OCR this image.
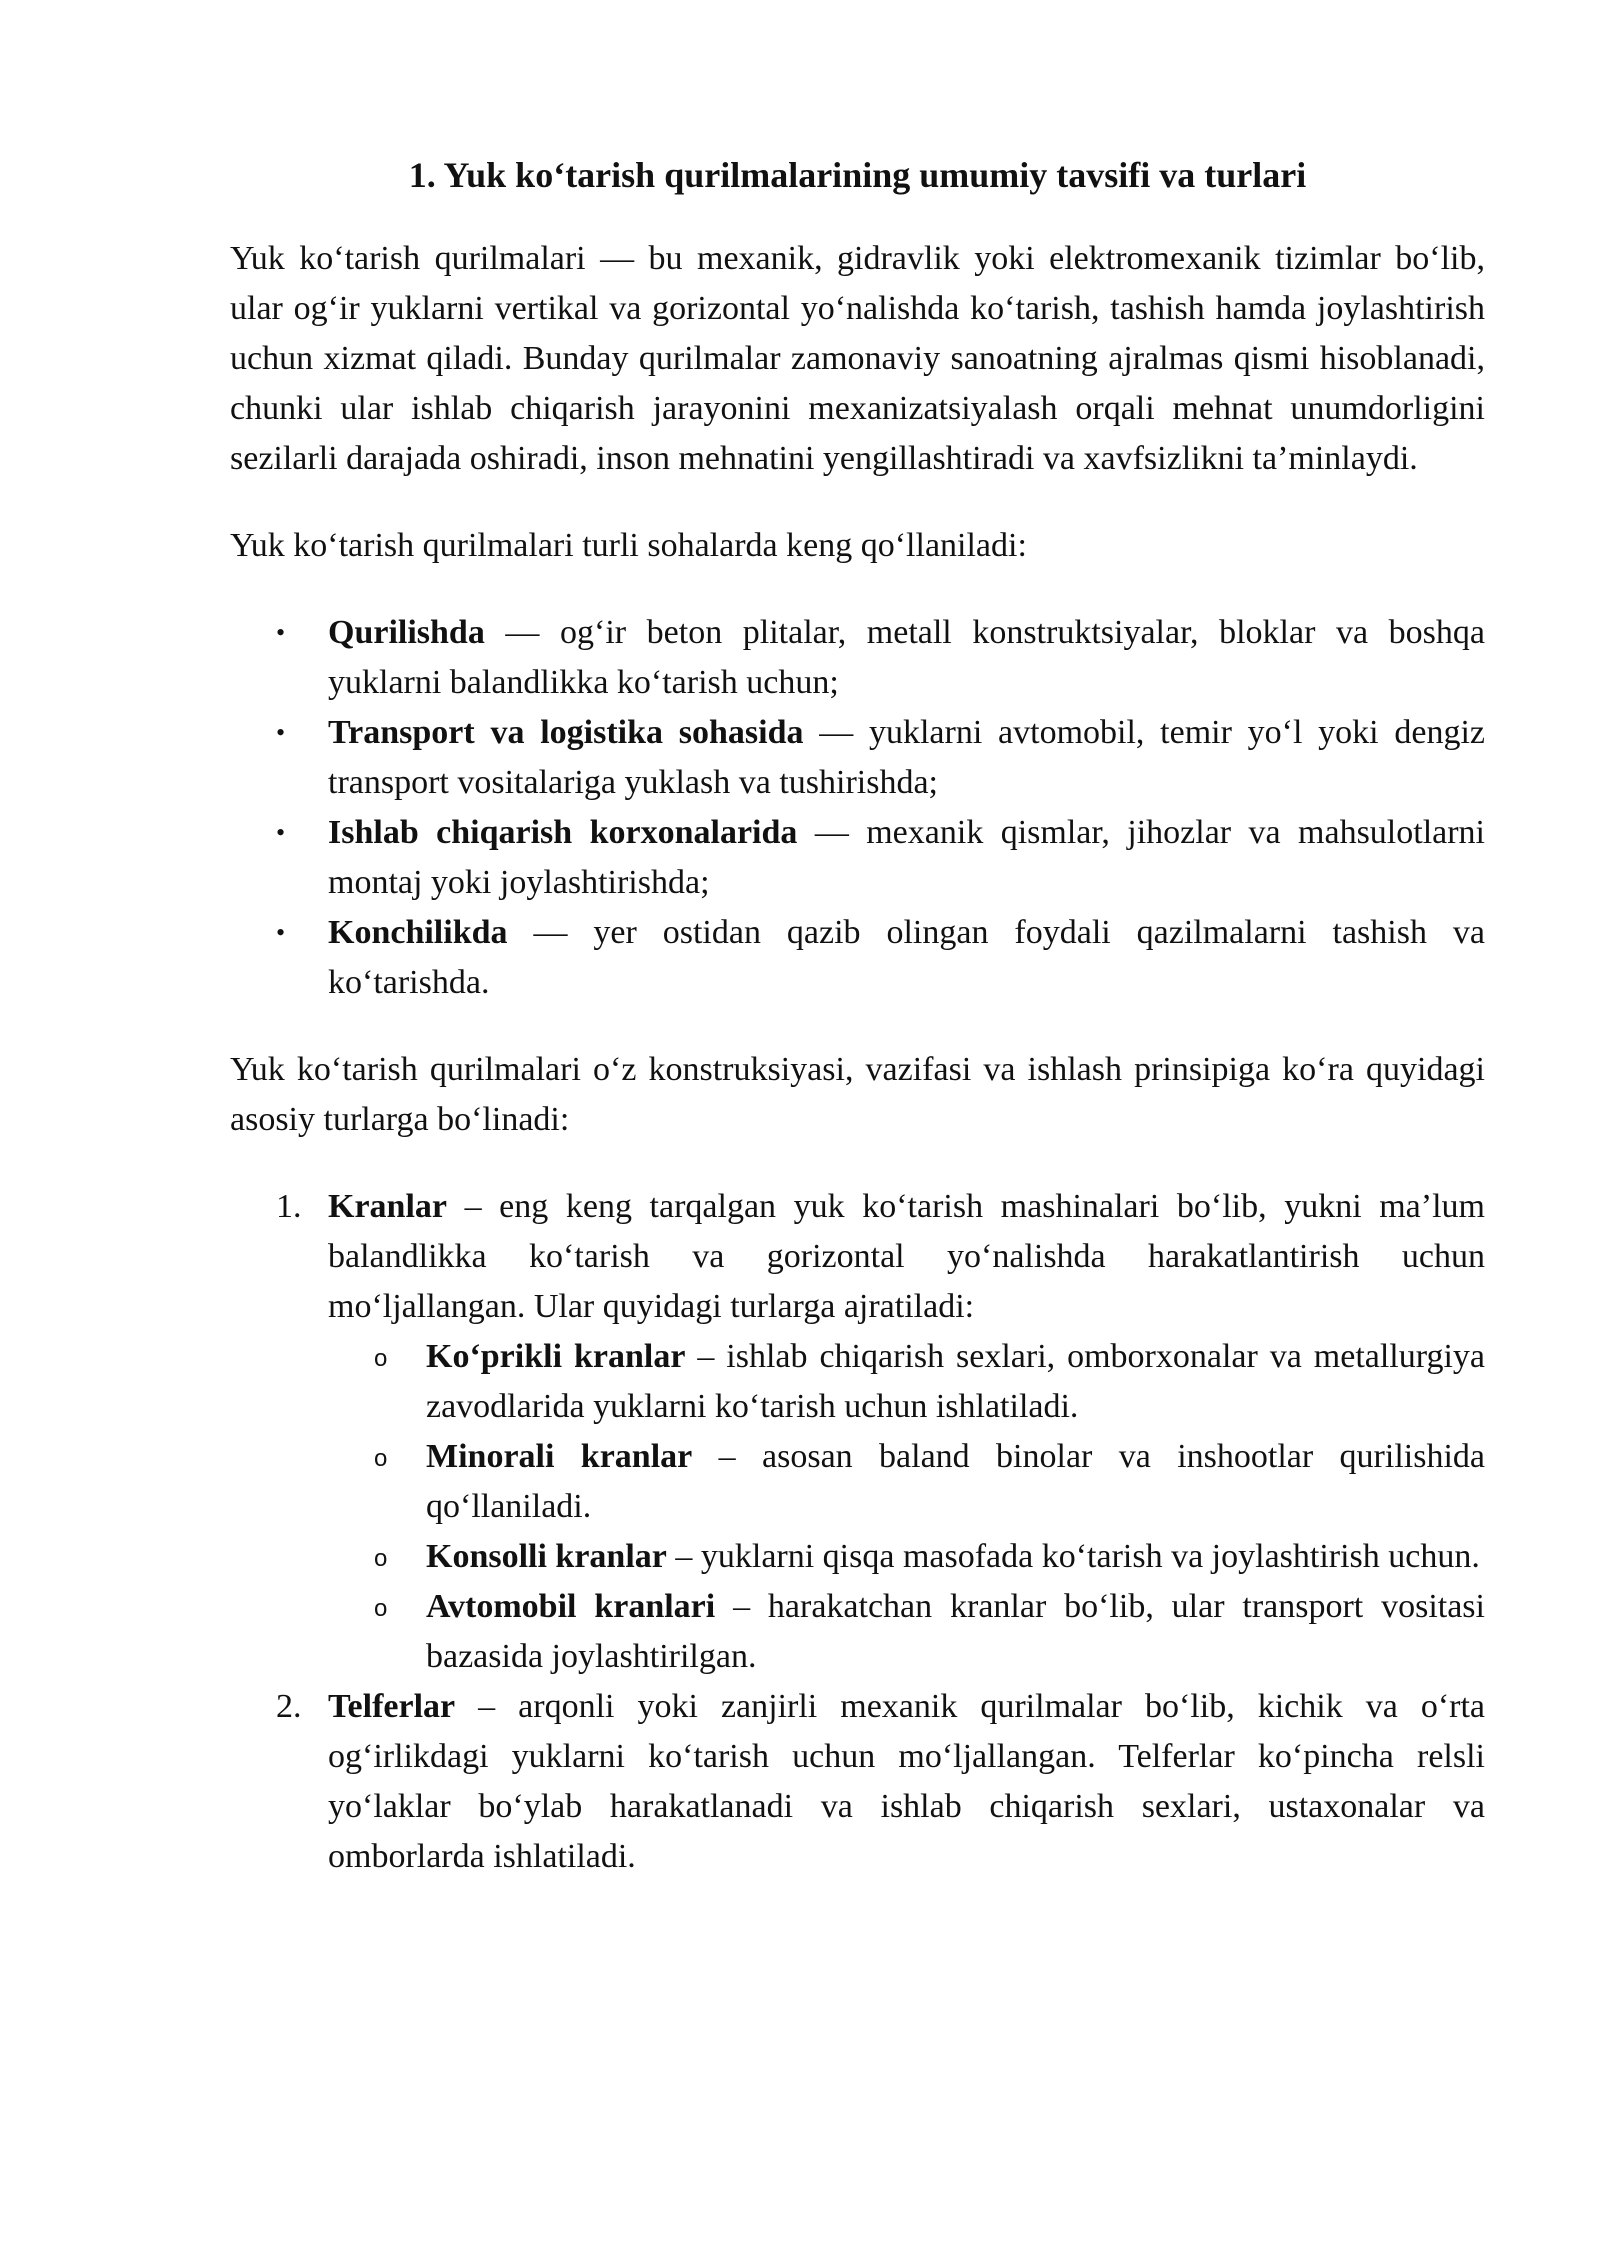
1. Yuk ko‘tarish qurilmalarining umumiy tavsifi va turlari

Yuk ko‘tarish qurilmalari — bu mexanik, gidravlik yoki elektromexanik tizimlar bo‘lib, ular og‘ir yuklarni vertikal va gorizontal yo‘nalishda ko‘tarish, tashish hamda joylashtirish uchun xizmat qiladi. Bunday qurilmalar zamonaviy sanoatning ajralmas qismi hisoblanadi, chunki ular ishlab chiqarish jarayonini mexanizatsiyalash orqali mehnat unumdorligini sezilarli darajada oshiradi, inson mehnatini yengillashtiradi va xavfsizlikni ta’minlaydi.

Yuk ko‘tarish qurilmalari turli sohalarda keng qo‘llaniladi:

• Qurilishda — og‘ir beton plitalar, metall konstruktsiyalar, bloklar va boshqa yuklarni balandlikka ko‘tarish uchun;
• Transport va logistika sohasida — yuklarni avtomobil, temir yo‘l yoki dengiz transport vositalariga yuklash va tushirishda;
• Ishlab chiqarish korxonalarida — mexanik qismlar, jihozlar va mahsulotlarni montaj yoki joylashtirishda;
• Konchilikda — yer ostidan qazib olingan foydali qazilmalarni tashish va ko‘tarishda.

Yuk ko‘tarish qurilmalari o‘z konstruksiyasi, vazifasi va ishlash prinsipiga ko‘ra quyidagi asosiy turlarga bo‘linadi:

1. Kranlar – eng keng tarqalgan yuk ko‘tarish mashinalari bo‘lib, yukni ma’lum balandlikka ko‘tarish va gorizontal yo‘nalishda harakatlantirish uchun mo‘ljallangan. Ular quyidagi turlarga ajratiladi:
o Ko‘prikli kranlar – ishlab chiqarish sexlari, omborxonalar va metallurgiya zavodlarida yuklarni ko‘tarish uchun ishlatiladi.
o Minorali kranlar – asosan baland binolar va inshootlar qurilishida qo‘llaniladi.
o Konsolli kranlar – yuklarni qisqa masofada ko‘tarish va joylashtirish uchun.
o Avtomobil kranlari – harakatchan kranlar bo‘lib, ular transport vositasi bazasida joylashtirilgan.
2. Telferlar – arqonli yoki zanjirli mexanik qurilmalar bo‘lib, kichik va o‘rta og‘irlikdagi yuklarni ko‘tarish uchun mo‘ljallangan. Telferlar ko‘pincha relsli yo‘laklar bo‘ylab harakatlanadi va ishlab chiqarish sexlari, ustaxonalar va omborlarda ishlatiladi.
